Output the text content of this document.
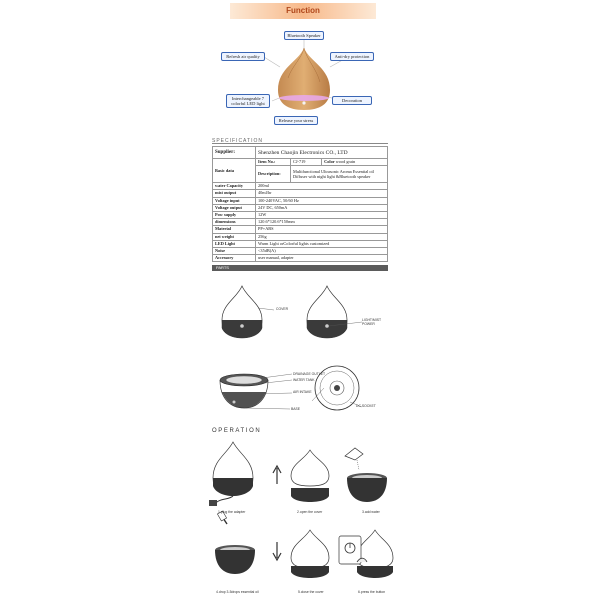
Function
Bluetooth Speaker
Refresh air quality	Anti-dry protection
Interchangeable 7 colorful LED light
Decoration
Release your stress
SPECIFICATION
Supplier:	Shenzhen Chaojin Electronics CO., LTD		
Basic data	Item No.:	CJ-719	Color wood grain
	Description:	Multifunctional Ultrasonic Aroma Essential oil Diffuser with night light &Bluetooth speaker	
water Capacity	200ml		
mist output	40ml/hr		
Voltage input	100-240VAC, 50/60 Hz		
Voltage output	24V DC, 650mA		
Pow supply	12W		
dimensions	120.6*120.6*150mm		
Material	PP+ABS		
net weight	256g		
LED Light	Warm Light orColorful lights customized		
Noise	<35dB(A)		
Accessory	user manual, adapter		
PARTS
COVER
LIGHT/MIST POWER
DRAINAGE OUTLET
WATER TANK
AIR INTAKE
BASE
DC SOCKET
OPERATION
1.plug the adapter	2.open the cover	3.add water
4.drop 3-5drops essential oil	5.close the cover	6.press the button
